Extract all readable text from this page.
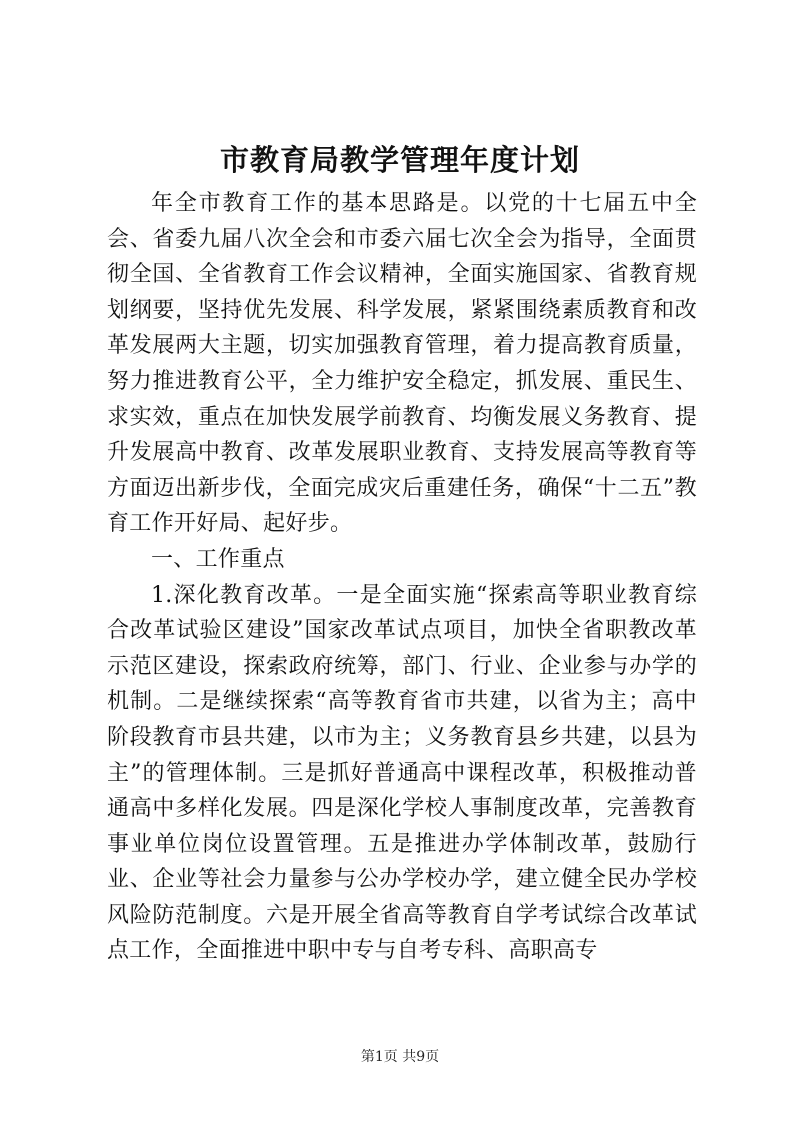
市教育局教学管理年度计划

年全市教育工作的基本思路是。以党的十七届五中全会、省委九届八次全会和市委六届七次全会为指导，全面贯彻全国、全省教育工作会议精神，全面实施国家、省教育规划纲要，坚持优先发展、科学发展，紧紧围绕素质教育和改革发展两大主题，切实加强教育管理，着力提高教育质量，努力推进教育公平，全力维护安全稳定，抓发展、重民生、求实效，重点在加快发展学前教育、均衡发展义务教育、提升发展高中教育、改革发展职业教育、支持发展高等教育等方面迈出新步伐，全面完成灾后重建任务，确保“十二五”教育工作开好局、起好步。

一、工作重点

1.深化教育改革。一是全面实施“探索高等职业教育综合改革试验区建设”国家改革试点项目，加快全省职教改革示范区建设，探索政府统筹，部门、行业、企业参与办学的机制。二是继续探索“高等教育省市共建，以省为主；高中阶段教育市县共建，以市为主；义务教育县乡共建，以县为主”的管理体制。三是抓好普通高中课程改革，积极推动普通高中多样化发展。四是深化学校人事制度改革，完善教育事业单位岗位设置管理。五是推进办学体制改革，鼓励行业、企业等社会力量参与公办学校办学，建立健全民办学校风险防范制度。六是开展全省高等教育自学考试综合改革试点工作，全面推进中职中专与自考专科、高职高专

第1页 共9页
